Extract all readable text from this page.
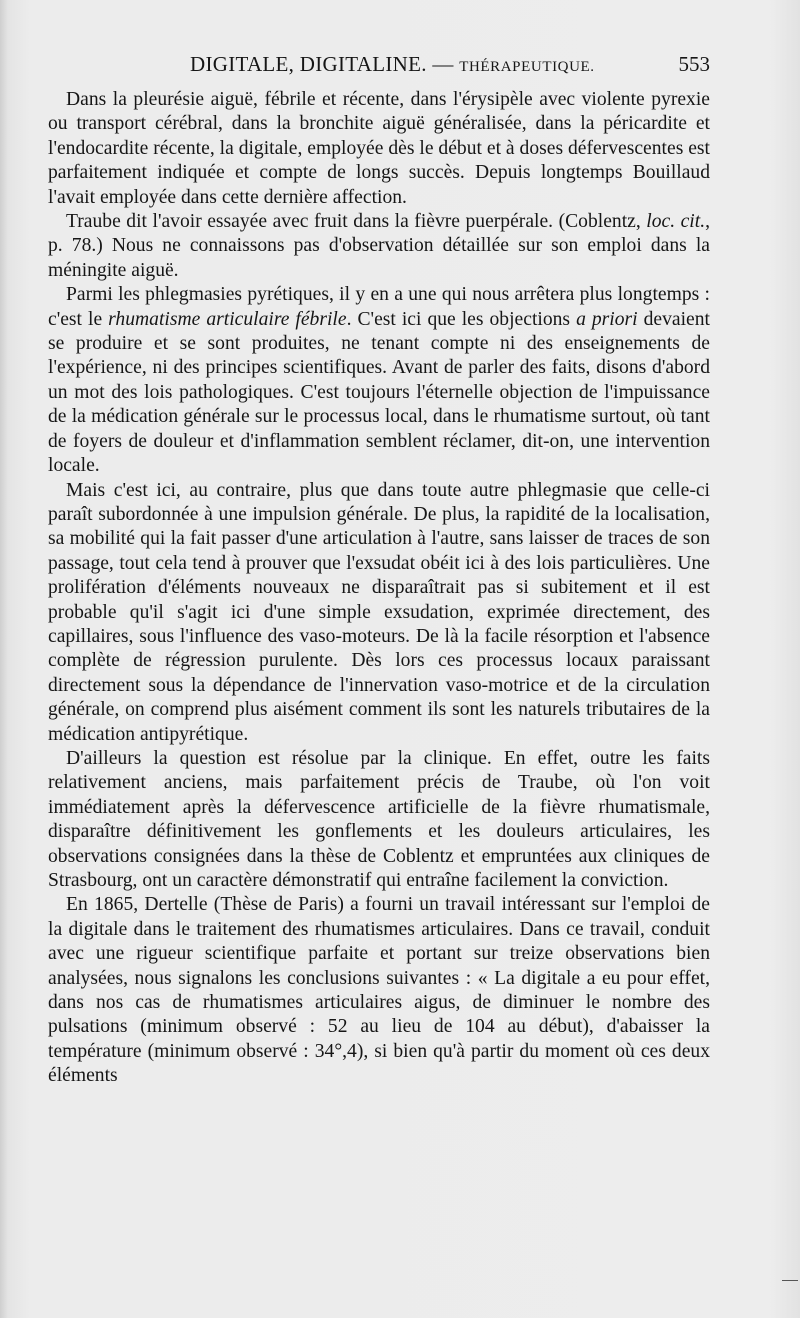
DIGITALE, DIGITALINE. — THÉRAPEUTIQUE.	553

Dans la pleurésie aiguë, fébrile et récente, dans l'érysipèle avec violente pyrexie ou transport cérébral, dans la bronchite aiguë généralisée, dans la péricardite et l'endocardite récente, la digitale, employée dès le début et à doses défervescentes est parfaitement indiquée et compte de longs succès. Depuis longtemps Bouillaud l'avait employée dans cette dernière affection.

Traube dit l'avoir essayée avec fruit dans la fièvre puerpérale. (Coblentz, loc. cit., p. 78.) Nous ne connaissons pas d'observation détaillée sur son emploi dans la méningite aiguë.

Parmi les phlegmasies pyrétiques, il y en a une qui nous arrêtera plus longtemps : c'est le rhumatisme articulaire fébrile. C'est ici que les objections a priori devaient se produire et se sont produites, ne tenant compte ni des enseignements de l'expérience, ni des principes scientifiques. Avant de parler des faits, disons d'abord un mot des lois pathologiques. C'est toujours l'éternelle objection de l'impuissance de la médication générale sur le processus local, dans le rhumatisme surtout, où tant de foyers de douleur et d'inflammation semblent réclamer, dit-on, une intervention locale.

Mais c'est ici, au contraire, plus que dans toute autre phlegmasie que celle-ci paraît subordonnée à une impulsion générale. De plus, la rapidité de la localisation, sa mobilité qui la fait passer d'une articulation à l'autre, sans laisser de traces de son passage, tout cela tend à prouver que l'exsudat obéit ici à des lois particulières. Une prolifération d'éléments nouveaux ne disparaîtrait pas si subitement et il est probable qu'il s'agit ici d'une simple exsudation, exprimée directement, des capillaires, sous l'influence des vaso-moteurs. De là la facile résorption et l'absence complète de régression purulente. Dès lors ces processus locaux paraissant directement sous la dépendance de l'innervation vaso-motrice et de la circulation générale, on comprend plus aisément comment ils sont les naturels tributaires de la médication antipyrétique.

D'ailleurs la question est résolue par la clinique. En effet, outre les faits relativement anciens, mais parfaitement précis de Traube, où l'on voit immédiatement après la défervescence artificielle de la fièvre rhumatismale, disparaître définitivement les gonflements et les douleurs articulaires, les observations consignées dans la thèse de Coblentz et empruntées aux cliniques de Strasbourg, ont un caractère démonstratif qui entraîne facilement la conviction.

En 1865, Dertelle (Thèse de Paris) a fourni un travail intéressant sur l'emploi de la digitale dans le traitement des rhumatismes articulaires. Dans ce travail, conduit avec une rigueur scientifique parfaite et portant sur treize observations bien analysées, nous signalons les conclusions suivantes : « La digitale a eu pour effet, dans nos cas de rhumatismes articulaires aigus, de diminuer le nombre des pulsations (minimum observé : 52 au lieu de 104 au début), d'abaisser la température (minimum observé : 34°,4), si bien qu'à partir du moment où ces deux éléments
